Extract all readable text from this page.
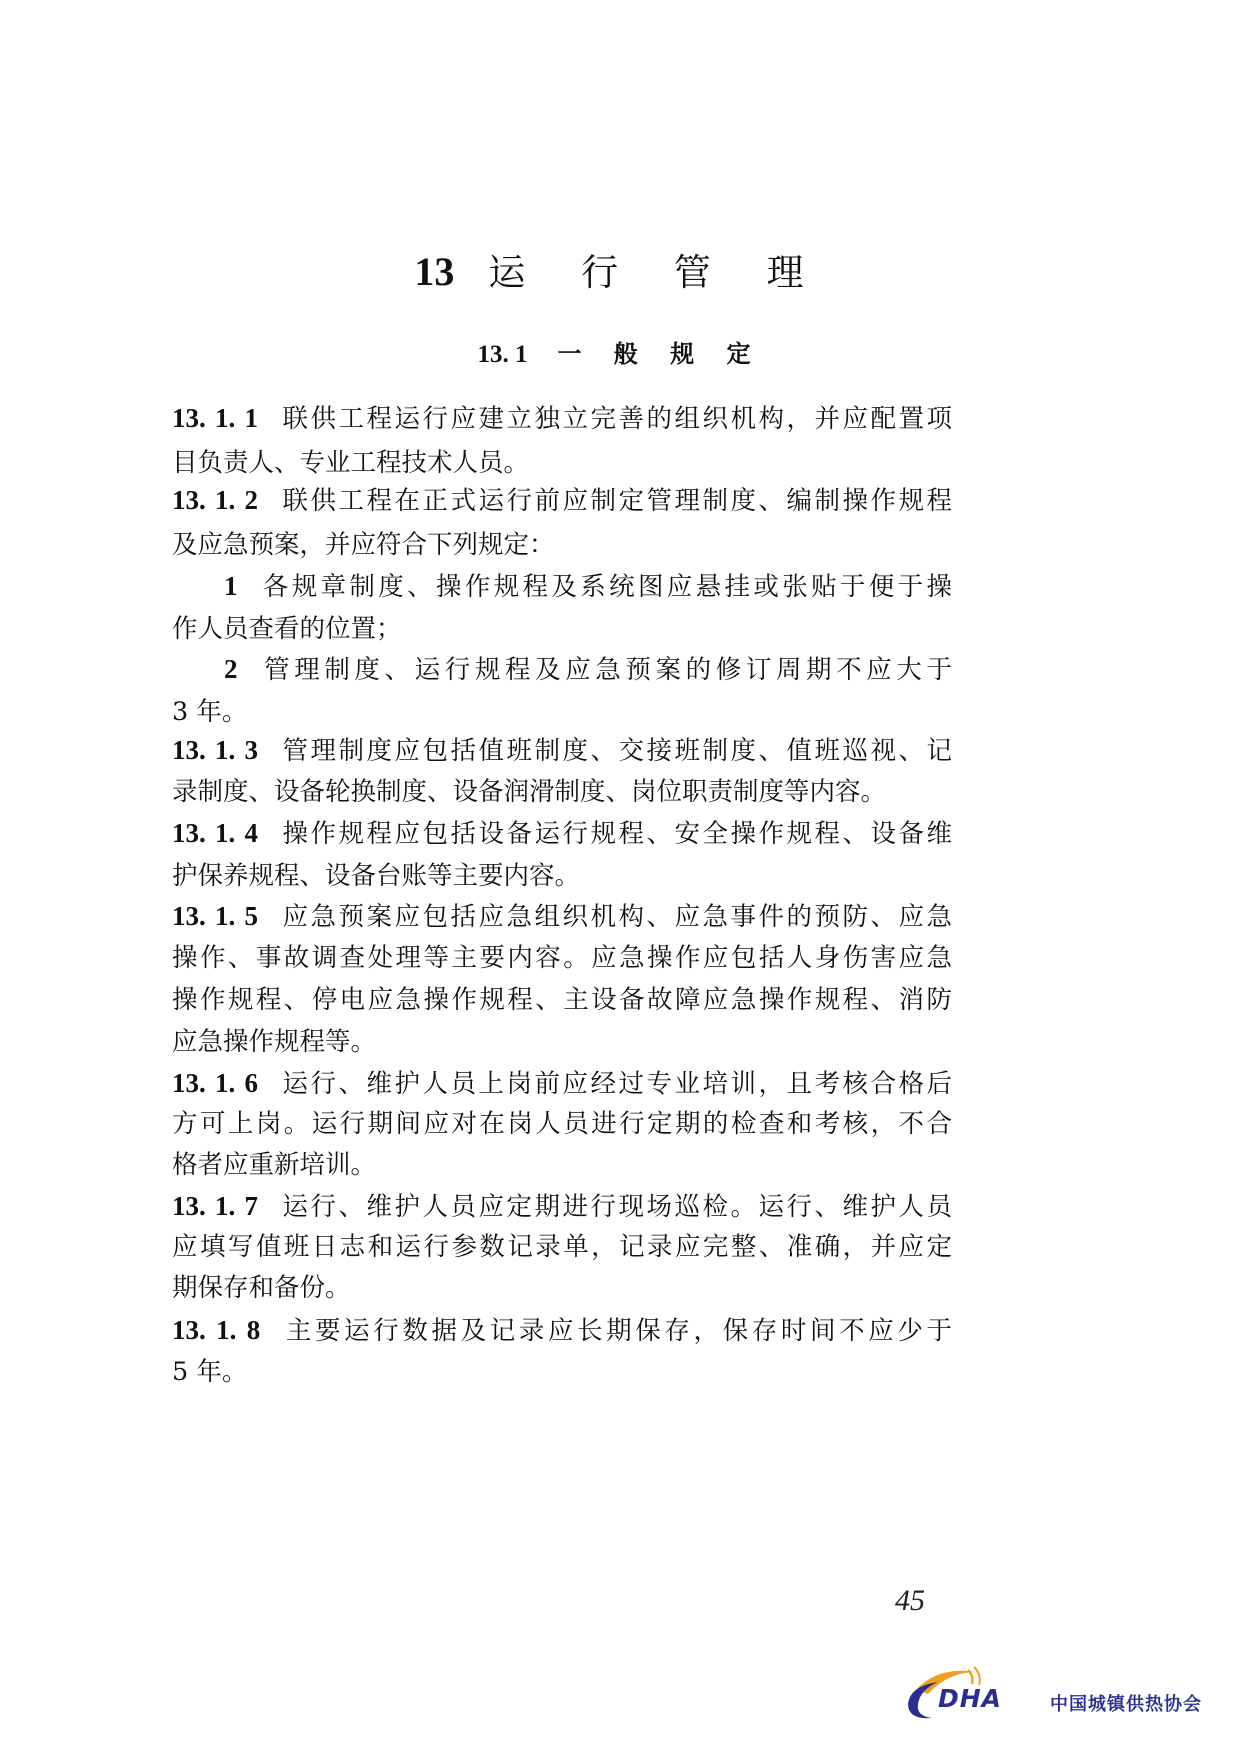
13 运 行 管 理
13. 1 一 般 规 定
13. 1. 1 联供工程运行应建立独立完善的组织机构，并应配置项
目负责人、专业工程技术人员。
13. 1. 2 联供工程在正式运行前应制定管理制度、编制操作规程
及应急预案，并应符合下列规定：
1 各规章制度、操作规程及系统图应悬挂或张贴于便于操
作人员查看的位置；
2 管理制度、运行规程及应急预案的修订周期不应大于
3 年。
13. 1. 3 管理制度应包括值班制度、交接班制度、值班巡视、记
录制度、设备轮换制度、设备润滑制度、岗位职责制度等内容。
13. 1. 4 操作规程应包括设备运行规程、安全操作规程、设备维
护保养规程、设备台账等主要内容。
13. 1. 5 应急预案应包括应急组织机构、应急事件的预防、应急
操作、事故调查处理等主要内容。应急操作应包括人身伤害应急
操作规程、停电应急操作规程、主设备故障应急操作规程、消防
应急操作规程等。
13. 1. 6 运行、维护人员上岗前应经过专业培训，且考核合格后
方可上岗。运行期间应对在岗人员进行定期的检查和考核，不合
格者应重新培训。
13. 1. 7 运行、维护人员应定期进行现场巡检。运行、维护人员
应填写值班日志和运行参数记录单，记录应完整、准确，并应定
期保存和备份。
13. 1. 8 主要运行数据及记录应长期保存，保存时间不应少于
5 年。
45
DHA	中国城镇供热协会
